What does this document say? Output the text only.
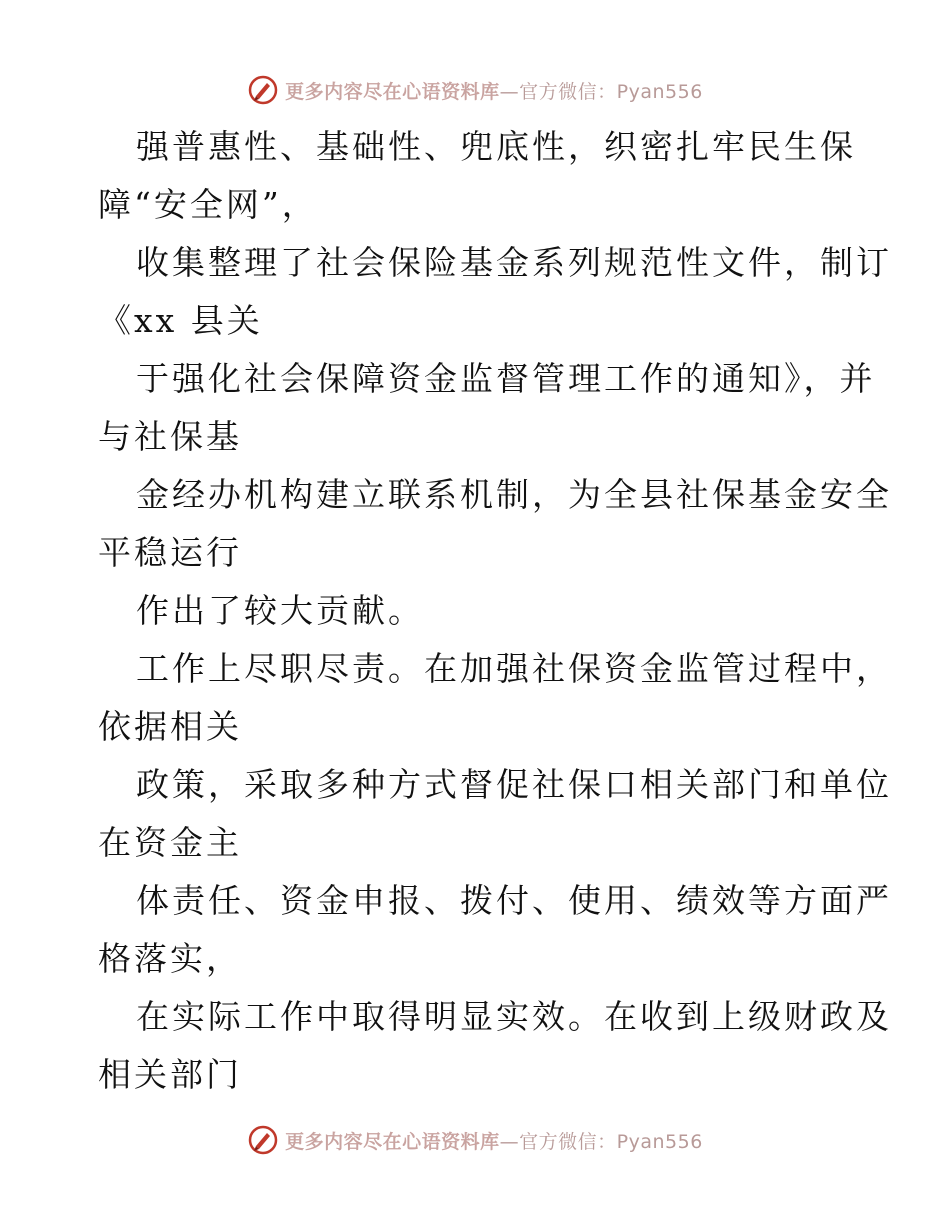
更多内容尽在心语资料库—官方微信：Pyan556
强普惠性、基础性、兜底性，织密扎牢民生保
障“安全网”，
收集整理了社会保险基金系列规范性文件，制订
《xx 县关
于强化社会保障资金监督管理工作的通知》，并
与社保基
金经办机构建立联系机制，为全县社保基金安全
平稳运行
作出了较大贡献。
工作上尽职尽责。在加强社保资金监管过程中，
依据相关
政策，采取多种方式督促社保口相关部门和单位
在资金主
体责任、资金申报、拨付、使用、绩效等方面严
格落实，
在实际工作中取得明显实效。在收到上级财政及
相关部门
更多内容尽在心语资料库—官方微信：Pyan556
